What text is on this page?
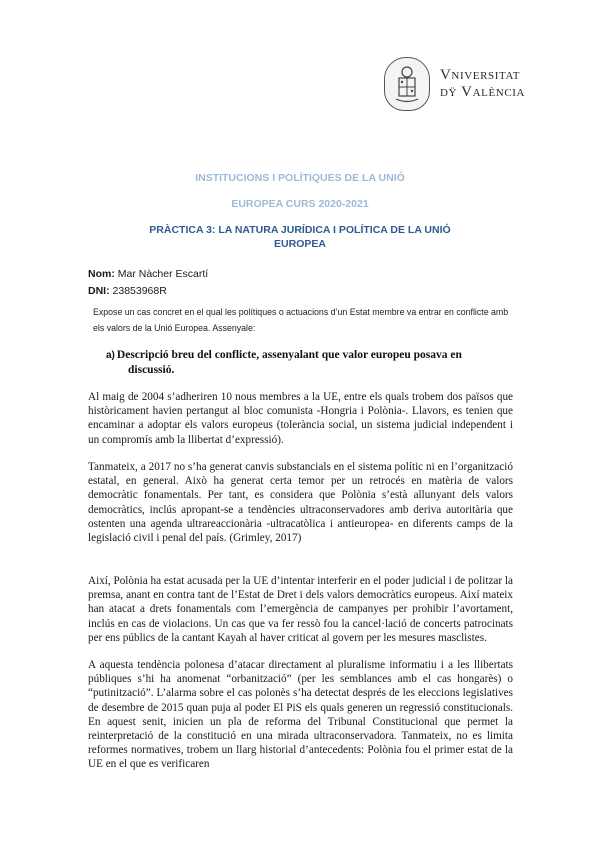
Vniversitat
dÿ València
INSTITUCIONS I POLÍTIQUES DE LA UNIÓ
EUROPEA CURS 2020-2021
PRÀCTICA 3: LA NATURA JURÍDICA I POLÍTICA DE LA UNIÓ
EUROPEA
Nom: Mar Nàcher Escartí
DNI: 23853968R
Expose un cas concret en el qual les polítiques o actuacions d’un Estat membre va entrar en conflicte amb els valors de la Unió Europea. Assenyale:
a) Descripció breu del conflicte, assenyalant que valor europeu posava en
discussió.
Al maig de 2004 s’adheriren 10 nous membres a la UE, entre els quals trobem dos països que històricament havien pertangut al bloc comunista -Hongria i Polònia-. Llavors, es tenien que encaminar a adoptar els valors europeus (tolerància social, un sistema judicial independent i un compromís amb la llibertat d’expressió).
Tanmateix, a 2017 no s’ha generat canvis substancials en el sistema polític ni en l’organització estatal, en general. Això ha generat certa temor per un retrocés en matèria de valors democràtic fonamentals. Per tant, es considera que Polònia s’està allunyant dels valors democràtics, inclús apropant-se a tendències ultraconservadores amb deriva autoritària que ostenten una agenda ultrareaccionària -ultracatòlica i antieuropea- en diferents camps de la legislació civil i penal del país. (Grimley, 2017)
Així, Polònia ha estat acusada per la UE d’intentar interferir en el poder judicial i de politzar la premsa, anant en contra tant de l’Estat de Dret i dels valors democràtics europeus. Així mateix han atacat a drets fonamentals com l’emergència de campanyes per prohibir l’avortament, inclús en cas de violacions. Un cas que va fer ressò fou la cancel·lació de concerts patrocinats per ens públics de la cantant Kayah al haver criticat al govern per les mesures masclistes.
A aquesta tendència polonesa d’atacar directament al pluralisme informatiu i a les llibertats públiques s’hi ha anomenat “orbanització” (per les semblances amb el cas hongarès) o “putinització”. L’alarma sobre el cas polonès s’ha detectat després de les eleccions legislatives de desembre de 2015 quan puja al poder El PiS els quals generen un regressió constitucionals. En aquest senit, inicien un pla de reforma del Tribunal Constitucional que permet la reinterpretació de la constitució en una mirada ultraconservadora. Tanmateix, no es limita reformes normatives, trobem un llarg historial d’antecedents: Polònia fou el primer estat de la UE en el que es verificaren
